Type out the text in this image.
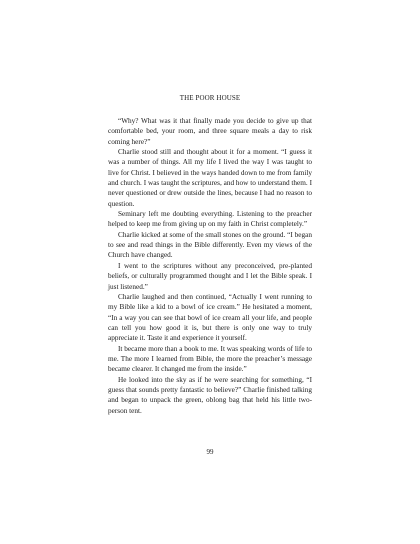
THE POOR HOUSE

“Why? What was it that finally made you decide to give up that comfortable bed, your room, and three square meals a day to risk coming here?”

Charlie stood still and thought about it for a moment. “I guess it was a number of things. All my life I lived the way I was taught to live for Christ. I believed in the ways handed down to me from family and church. I was taught the scriptures, and how to understand them. I never questioned or drew outside the lines, because I had no reason to question.

Seminary left me doubting everything. Listening to the preacher helped to keep me from giving up on my faith in Christ completely.”

Charlie kicked at some of the small stones on the ground. “I began to see and read things in the Bible differently. Even my views of the Church have changed.

I went to the scriptures without any preconceived, pre-planted beliefs, or culturally programmed thought and I let the Bible speak. I just listened.”

Charlie laughed and then continued, “Actually I went running to my Bible like a kid to a bowl of ice cream.” He hesitated a moment, “In a way you can see that bowl of ice cream all your life, and people can tell you how good it is, but there is only one way to truly appreciate it. Taste it and experience it yourself.

It became more than a book to me. It was speaking words of life to me. The more I learned from Bible, the more the preacher’s message became clearer. It changed me from the inside.”

He looked into the sky as if he were searching for something, “I guess that sounds pretty fantastic to believe?” Charlie finished talking and began to unpack the green, oblong bag that held his little two-person tent.

99
